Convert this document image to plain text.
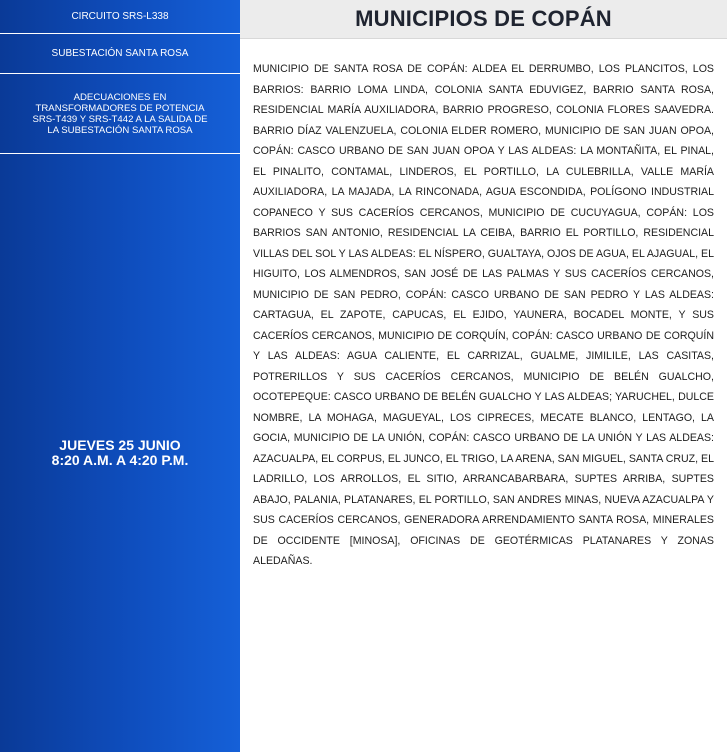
CIRCUITO SRS-L338
SUBESTACIÓN SANTA ROSA
ADECUACIONES EN
TRANSFORMADORES DE POTENCIA
SRS-T439 Y SRS-T442 A LA SALIDA DE
LA SUBESTACIÓN SANTA ROSA
JUEVES 25 JUNIO
8:20 A.M. A 4:20 P.M.
MUNICIPIOS DE COPÁN
MUNICIPIO DE SANTA ROSA DE COPÁN: ALDEA EL DERRUMBO, LOS PLANCITOS, LOS BARRIOS: BARRIO LOMA LINDA, COLONIA SANTA EDUVIGEZ, BARRIO SANTA ROSA, RESIDENCIAL MARÍA AUXILIADORA, BARRIO PROGRESO, COLONIA FLORES SAAVEDRA. BARRIO DÍAZ VALENZUELA, COLONIA ELDER ROMERO, MUNICIPIO DE SAN JUAN OPOA, COPÁN: CASCO URBANO DE SAN JUAN OPOA Y LAS ALDEAS: LA MONTAÑITA, EL PINAL, EL PINALITO, CONTAMAL, LINDEROS, EL PORTILLO, LA CULEBRILLA, VALLE MARÍA AUXILIADORA, LA MAJADA, LA RINCONADA, AGUA ESCONDIDA, POLÍGONO INDUSTRIAL COPANECO Y SUS CACERÍOS CERCANOS, MUNICIPIO DE CUCUYAGUA, COPÁN: LOS BARRIOS SAN ANTONIO, RESIDENCIAL LA CEIBA, BARRIO EL PORTILLO, RESIDENCIAL VILLAS DEL SOL Y LAS ALDEAS: EL NÍSPERO, GUALTAYA, OJOS DE AGUA, EL AJAGUAL, EL HIGUITO, LOS ALMENDROS, SAN JOSÉ DE LAS PALMAS Y SUS CACERÍOS CERCANOS, MUNICIPIO DE SAN PEDRO, COPÁN: CASCO URBANO DE SAN PEDRO Y LAS ALDEAS: CARTAGUA, EL ZAPOTE, CAPUCAS, EL EJIDO, YAUNERA, BOCADEL MONTE, Y SUS CACERÍOS CERCANOS, MUNICIPIO DE CORQUÍN, COPÁN: CASCO URBANO DE CORQUÍN Y LAS ALDEAS: AGUA CALIENTE, EL CARRIZAL, GUALME, JIMILILE, LAS CASITAS, POTRERILLOS Y SUS CACERÍOS CERCANOS, MUNICIPIO DE BELÉN GUALCHO, OCOTEPEQUE: CASCO URBANO DE BELÉN GUALCHO Y LAS ALDEAS; YARUCHEL, DULCE NOMBRE, LA MOHAGA, MAGUEYAL, LOS CIPRECES, MECATE BLANCO, LENTAGO, LA GOCIA, MUNICIPIO DE LA UNIÓN, COPÁN: CASCO URBANO DE LA UNIÓN Y LAS ALDEAS: AZACUALPA, EL CORPUS, EL JUNCO, EL TRIGO, LA ARENA, SAN MIGUEL, SANTA CRUZ, EL LADRILLO, LOS ARROLLOS, EL SITIO, ARRANCABARBARA, SUPTES ARRIBA, SUPTES ABAJO, PALANIA, PLATANARES, EL PORTILLO, SAN ANDRES MINAS, NUEVA AZACUALPA Y SUS CACERÍOS CERCANOS, GENERADORA ARRENDAMIENTO SANTA ROSA, MINERALES DE OCCIDENTE [MINOSA], OFICINAS DE GEOTÉRMICAS PLATANARES Y ZONAS ALEDAÑAS.
